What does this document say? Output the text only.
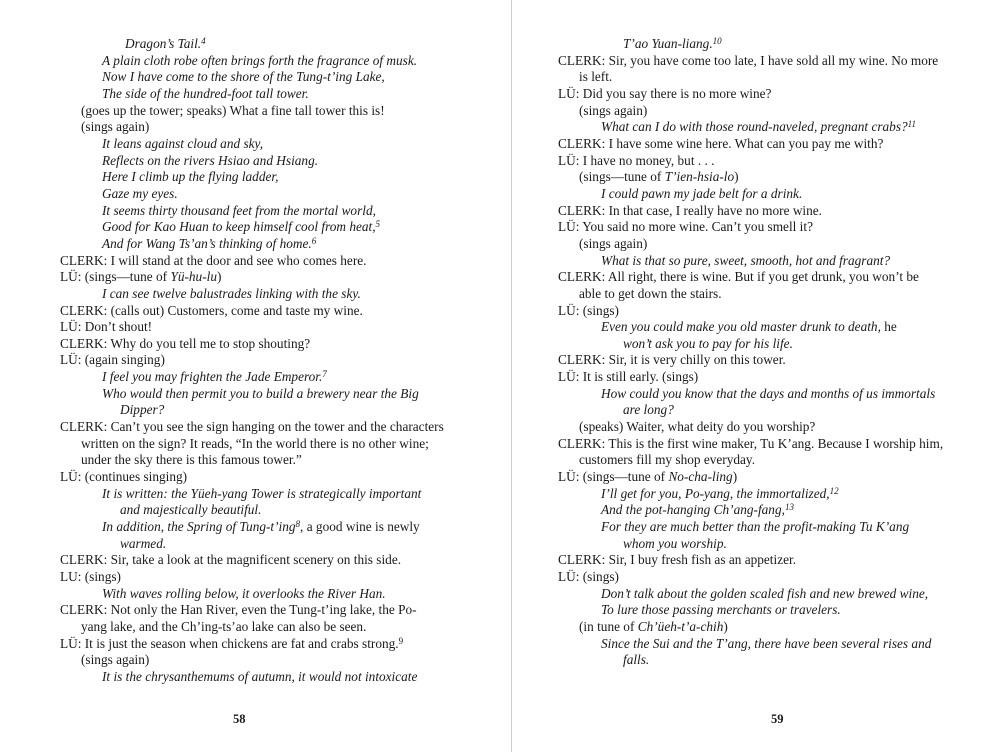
Dragon’s Tail.$^4$
A plain cloth robe often brings forth the fragrance of musk.
Now I have come to the shore of the Tung-t’ing Lake,
The side of the hundred-foot tall tower.
(goes up the tower; speaks) What a fine tall tower this is!
(sings again)
It leans against cloud and sky,
Reflects on the rivers Hsiao and Hsiang.
Here I climb up the flying ladder,
Gaze my eyes.
It seems thirty thousand feet from the mortal world,
Good for Kao Huan to keep himself cool from heat,$^5$
And for Wang Ts’an’s thinking of home.$^6$
CLERK: I will stand at the door and see who comes here.
LÜ: (sings—tune of Yü-hu-lu)
I can see twelve balustrades linking with the sky.
CLERK: (calls out) Customers, come and taste my wine.
LÜ: Don’t shout!
CLERK: Why do you tell me to stop shouting?
LÜ: (again singing)
I feel you may frighten the Jade Emperor.$^7$
Who would then permit you to build a brewery near the Big
Dipper?
CLERK: Can’t you see the sign hanging on the tower and the characters
written on the sign? It reads, “In the world there is no other wine;
under the sky there is this famous tower.”
LÜ: (continues singing)
It is written: the Yüeh-yang Tower is strategically important
and majestically beautiful.
In addition, the Spring of Tung-t’ing$^8$, a good wine is newly
warmed.
CLERK: Sir, take a look at the magnificent scenery on this side.
LU: (sings)
With waves rolling below, it overlooks the River Han.
CLERK: Not only the Han River, even the Tung-t’ing lake, the Po-
yang lake, and the Ch’ing-ts’ao lake can also be seen.
LÜ: It is just the season when chickens are fat and crabs strong.$^9$
(sings again)
It is the chrysanthemums of autumn, it would not intoxicate
T’ao Yuan-liang.$^{10}$
CLERK: Sir, you have come too late, I have sold all my wine. No more
is left.
LÜ: Did you say there is no more wine?
(sings again)
What can I do with those round-naveled, pregnant crabs?$^{11}$
CLERK: I have some wine here. What can you pay me with?
LÜ: I have no money, but . . .
(sings—tune of T’ien-hsia-lo)
I could pawn my jade belt for a drink.
CLERK: In that case, I really have no more wine.
LÜ: You said no more wine. Can’t you smell it?
(sings again)
What is that so pure, sweet, smooth, hot and fragrant?
CLERK: All right, there is wine. But if you get drunk, you won’t be
able to get down the stairs.
LÜ: (sings)
Even you could make you old master drunk to death, he
won’t ask you to pay for his life.
CLERK: Sir, it is very chilly on this tower.
LÜ: It is still early. (sings)
How could you know that the days and months of us immortals
are long?
(speaks) Waiter, what deity do you worship?
CLERK: This is the first wine maker, Tu K’ang. Because I worship him,
customers fill my shop everyday.
LÜ: (sings—tune of No-cha-ling)
I’ll get for you, Po-yang, the immortalized,$^{12}$
And the pot-hanging Ch’ang-fang,$^{13}$
For they are much better than the profit-making Tu K’ang
whom you worship.
CLERK: Sir, I buy fresh fish as an appetizer.
LÜ: (sings)
Don’t talk about the golden scaled fish and new brewed wine,
To lure those passing merchants or travelers.
(in tune of Ch’üeh-t’a-chih)
Since the Sui and the T’ang, there have been several rises and
falls.
58	59
